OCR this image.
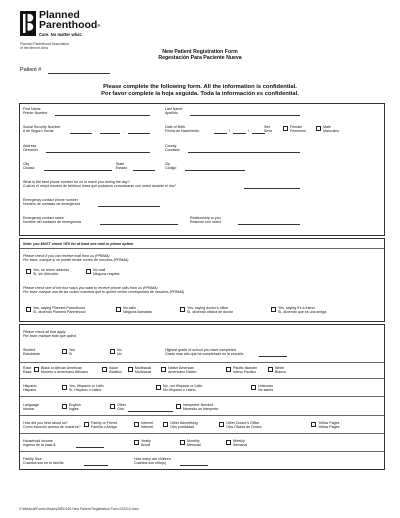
Planned
Parenthood®
Care. No matter what.
Planned Parenthood Association
of the Mercer Area
New Patient Registration Form
Regestación Para Paciente Nueva
Patient #
Please complete the following form. All the information is confidential.
Por favor complete la hoja seguida. Toda la información es confidential.
First Name
Primer Nombre
Last Name
Apellido
Social Security Number
# de Seguro Social	-	-
Date of Birth
Fecha de Nacimiento	/	/
Sex
Sexo
Female
Femenino
Male
Masculino
Address
Dirección
County
Condado
City
Ciudad
State
Estado
Zip
Código
What is the best phone number for us to reach you during the day?
Cuál es el mejor número de teléfono mara que podamos comunicarse con usted durante el día?
Emergency contact phone number
Número de contacto de emergencia
Emergency contact name
Nombre del contacto de emergencia
Relationship to you
Relación con usted
Note: you MUST check YES for at least one mail or phone option
Please check if you can receive mail from us (PPAMA)
Por favor, marque si se puede recibir correo de nosotros (PPAMA)
Yes, no return address
Sí, sin dirección
No mail
Ninguna respeta
Please check one of the four ways you want to receive phone calls from us (PPAMA)
Por favor marque una de las cuatro maneras que tu quiere recibir correspondia de nosotros (PPAMA)
Yes, saying Planned Parenthood
Sí, diciendo Planned Parenthood
No calls
Ninguna llamadas
Yes, saying doctor's office
Sí, diciendo oficina de doctor
Yes, saying it's a friend
Sí, diciendo que es una amiga
Please check all that apply
Por favor marque todo que aplica
Student
Estudiante
Yes
Sí
No
No
Highest grade of school you have completed
Grado mas alto que ha completado en la escuela
Race
Raza
Black or African American
Moreno o Americano Africano
Asian
Asiático
Multiracial
Multiracial
Native American
Americano Nativo
Pacific Islander
Isleno Pacifico
White
Blanco
Hispanic
Hispano
Yes, Hispanic or Latin
Sí, Hispano o Latino
No, not Hispanic or Latin
No Hispano o Latino
Unknown
No sabes
Language
Idioma
English
Ingles
Other
Otro
Interpreter Needed
Necesito un Interprete
How did you hear about us?
Como escucho acerca de nosotros?
Family or Friend
Familia o Amiga
Internet
Internet
Other Advertising
Otro publicidad
Other Doctor's Office
Otra Oficina de Doctor
Yellow Pages
Yellow Pages
Household income
Ingreso de la casa $
Yearly
Anual
Monthly
Mensual
Weekly
Semanal
Family Size
Cuantos son en tu familia
How many are children
Cuantos son niño(s)
G:\Medical\Forms\History\MED160 New Patient Registration Form 020212.docx
